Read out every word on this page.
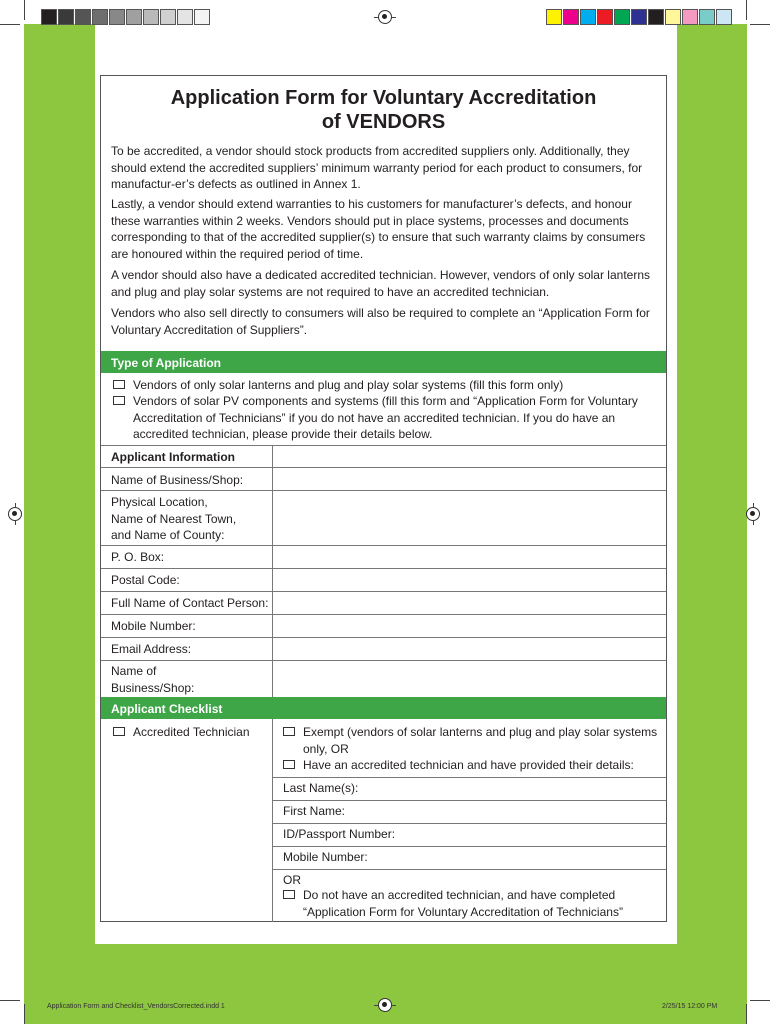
Application Form for Voluntary Accreditation
of VENDORS
To be accredited, a vendor should stock products from accredited suppliers only. Additionally, they should extend the accredited suppliers’ minimum warranty period for each product to consumers, for manufactur-er’s defects as outlined in Annex 1.
Lastly, a vendor should extend warranties to his customers for manufacturer’s defects, and honour these warranties within 2 weeks. Vendors should put in place systems, processes and documents corresponding to that of the accredited supplier(s) to ensure that such warranty claims by consumers are honoured within the required period of time.
A vendor should also have a dedicated accredited technician. However, vendors of only solar lanterns and plug and play solar systems are not required to have an accredited technician.
Vendors who also sell directly to consumers will also be required to complete an “Application Form for Voluntary Accreditation of Suppliers”.
Type of Application
Vendors of only solar lanterns and plug and play solar systems (fill this form only)
Vendors of solar PV components and systems (fill this form and “Application Form for Voluntary Accreditation of Technicians” if you do not have an accredited technician. If you do have an accredited technician, please provide their details below.
Applicant Information
Name of Business/Shop:
Physical Location,
Name of Nearest Town,
and Name of County:
P. O. Box:
Postal Code:
Full Name of Contact Person:
Mobile Number:
Email Address:
Name of
Business/Shop:
Applicant Checklist
Accredited Technician	Exempt (vendors of solar lanterns and plug and play solar systems only, OR
Have an accredited technician and have provided their details:
Last Name(s):
First Name:
ID/Passport Number:
Mobile Number:
OR
Do not have an accredited technician, and have completed “Application Form for Voluntary Accreditation of Technicians”
Application Form and Checklist_VendorsCorrected.indd 1	2/25/15 12:00 PM
